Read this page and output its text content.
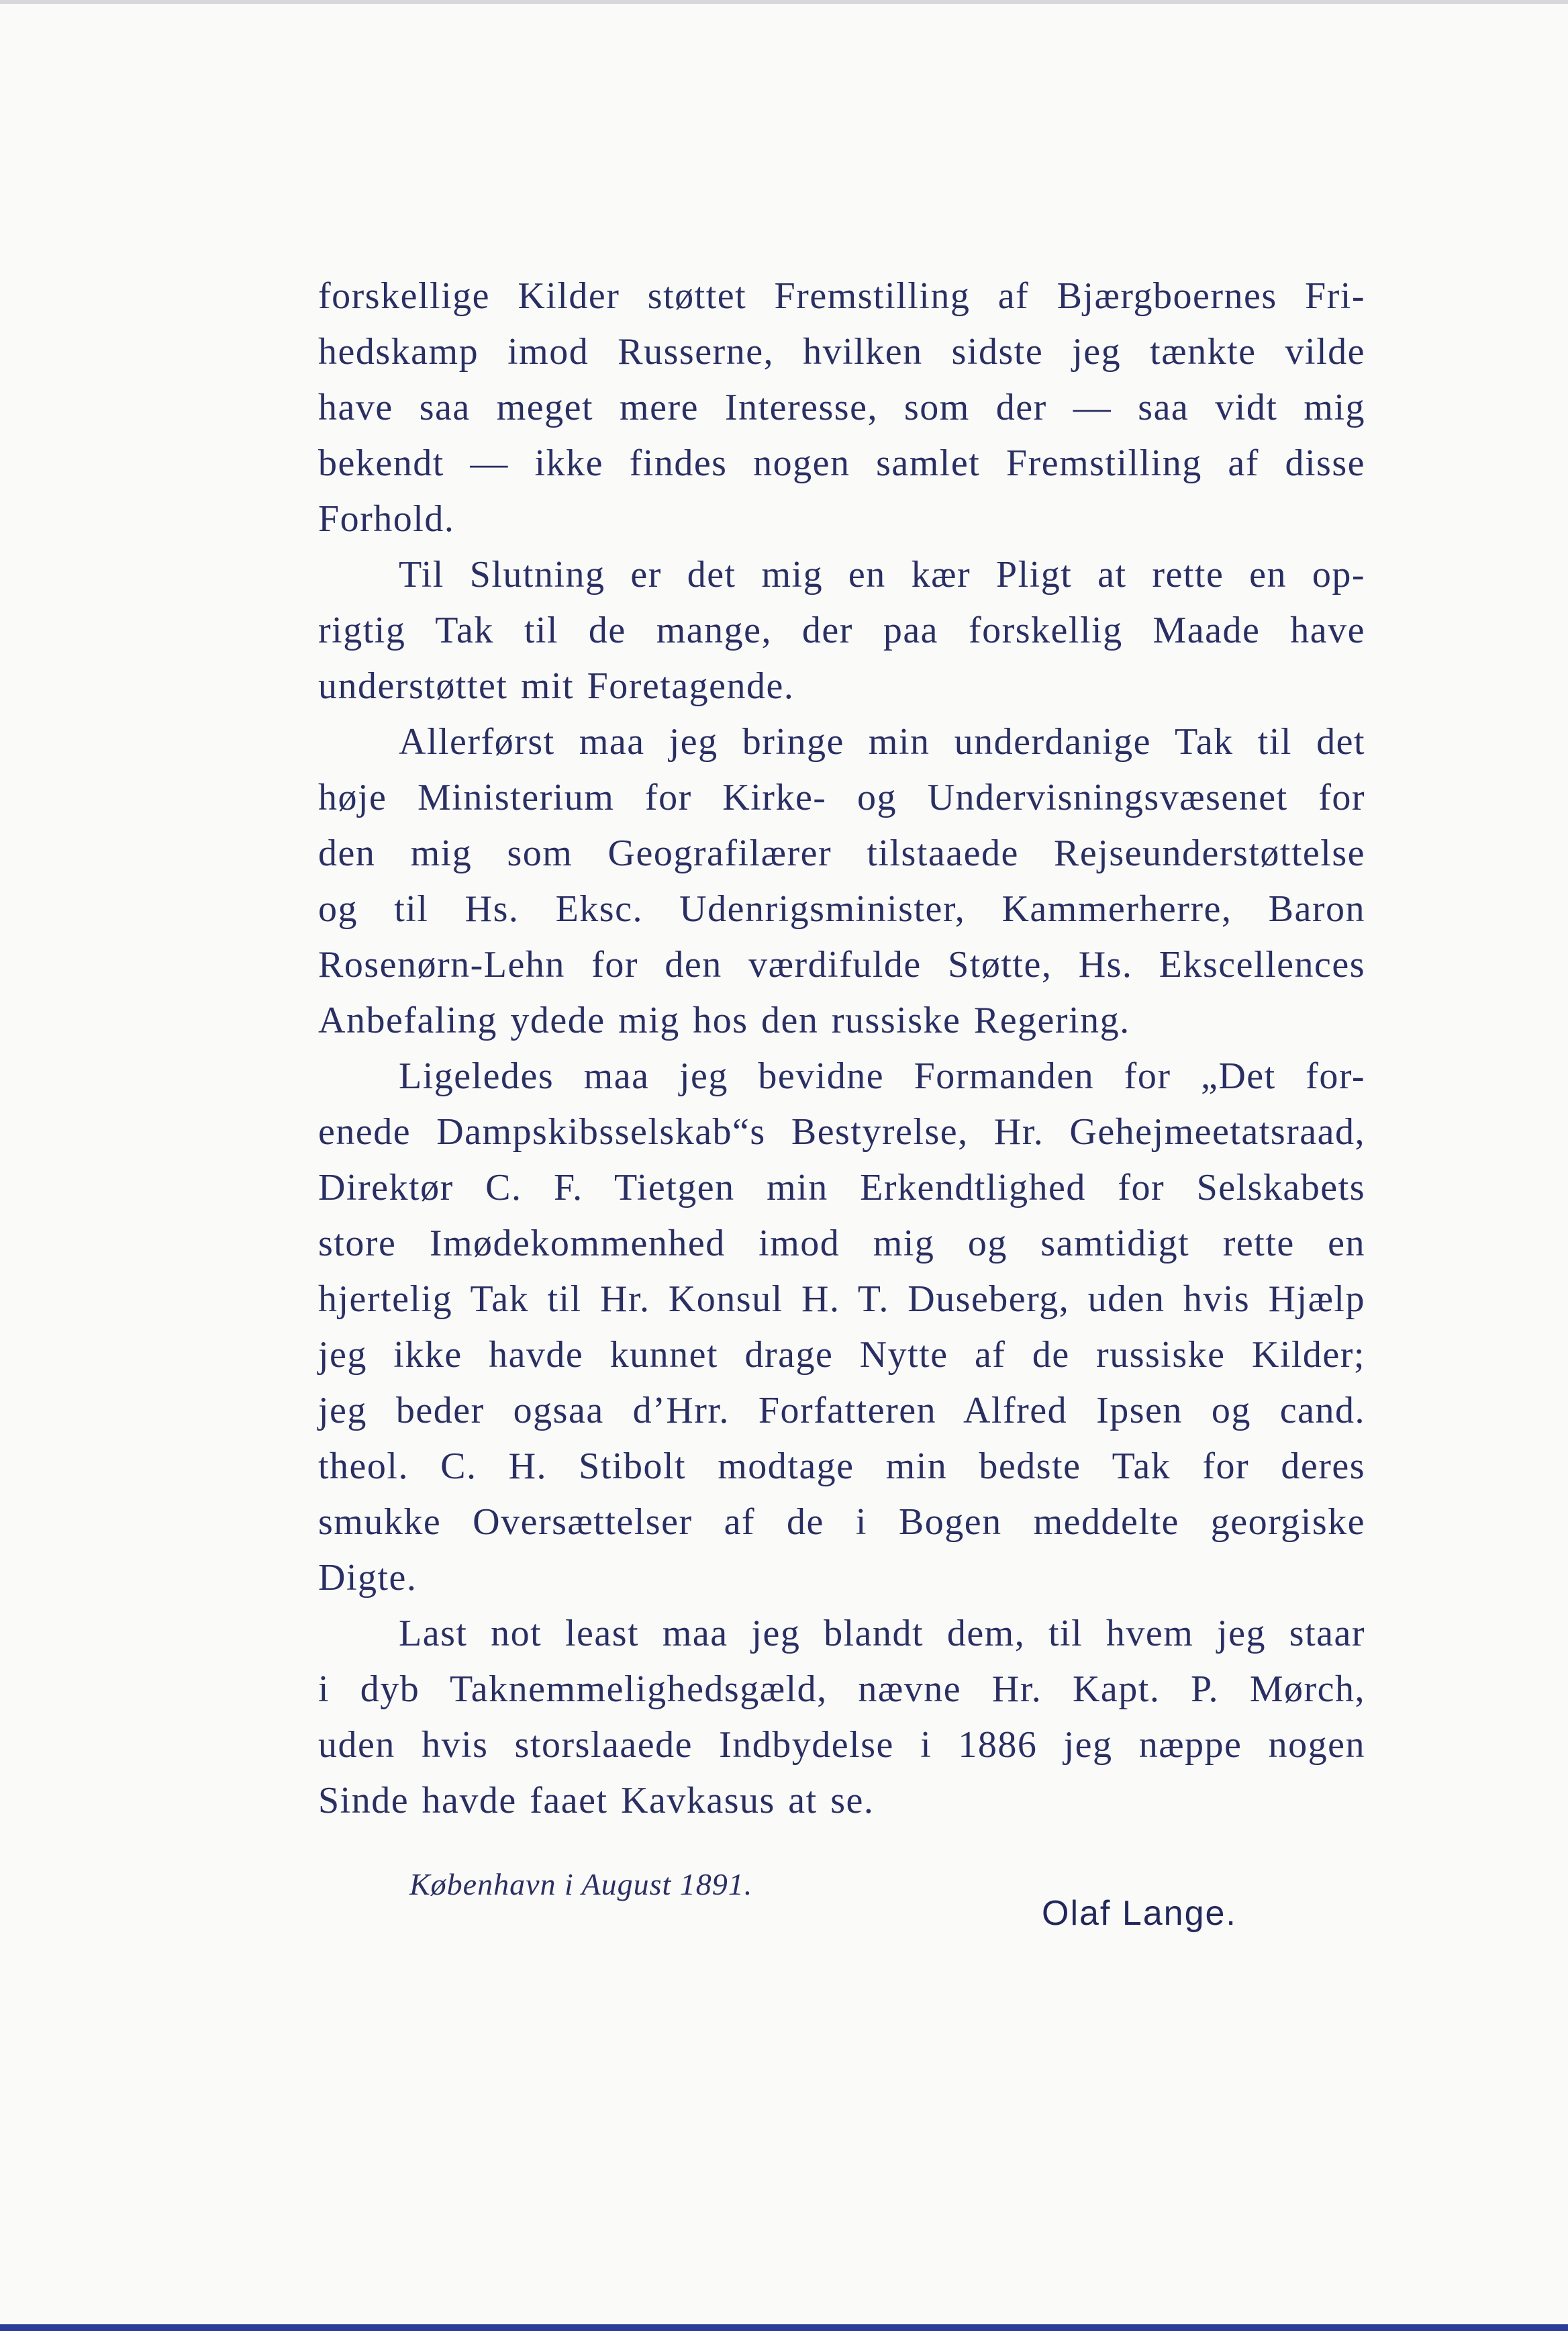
forskellige Kilder støttet Fremstilling af Bjærgboernes Fri-
hedskamp imod Russerne, hvilken sidste jeg tænkte vilde
have saa meget mere Interesse, som der — saa vidt mig
bekendt — ikke findes nogen samlet Fremstilling af disse
Forhold.
Til Slutning er det mig en kær Pligt at rette en op-
rigtig Tak til de mange, der paa forskellig Maade have
understøttet mit Foretagende.
Allerførst maa jeg bringe min underdanige Tak til det
høje Ministerium for Kirke- og Undervisningsvæsenet for
den mig som Geografilærer tilstaaede Rejseunderstøttelse
og til Hs. Eksc. Udenrigsminister, Kammerherre, Baron
Rosenørn-Lehn for den værdifulde Støtte, Hs. Ekscellences
Anbefaling ydede mig hos den russiske Regering.
Ligeledes maa jeg bevidne Formanden for „Det for-
enede Dampskibsselskab“s Bestyrelse, Hr. Gehejmeetatsraad,
Direktør C. F. Tietgen min Erkendtlighed for Selskabets
store Imødekommenhed imod mig og samtidigt rette en
hjertelig Tak til Hr. Konsul H. T. Duseberg, uden hvis Hjælp
jeg ikke havde kunnet drage Nytte af de russiske Kilder;
jeg beder ogsaa d’Hrr. Forfatteren Alfred Ipsen og cand.
theol. C. H. Stibolt modtage min bedste Tak for deres
smukke Oversættelser af de i Bogen meddelte georgiske
Digte.
Last not least maa jeg blandt dem, til hvem jeg staar
i dyb Taknemmelighedsgæld, nævne Hr. Kapt. P. Mørch,
uden hvis storslaaede Indbydelse i 1886 jeg næppe nogen
Sinde havde faaet Kavkasus at se.
København i August 1891.
Olaf Lange.
